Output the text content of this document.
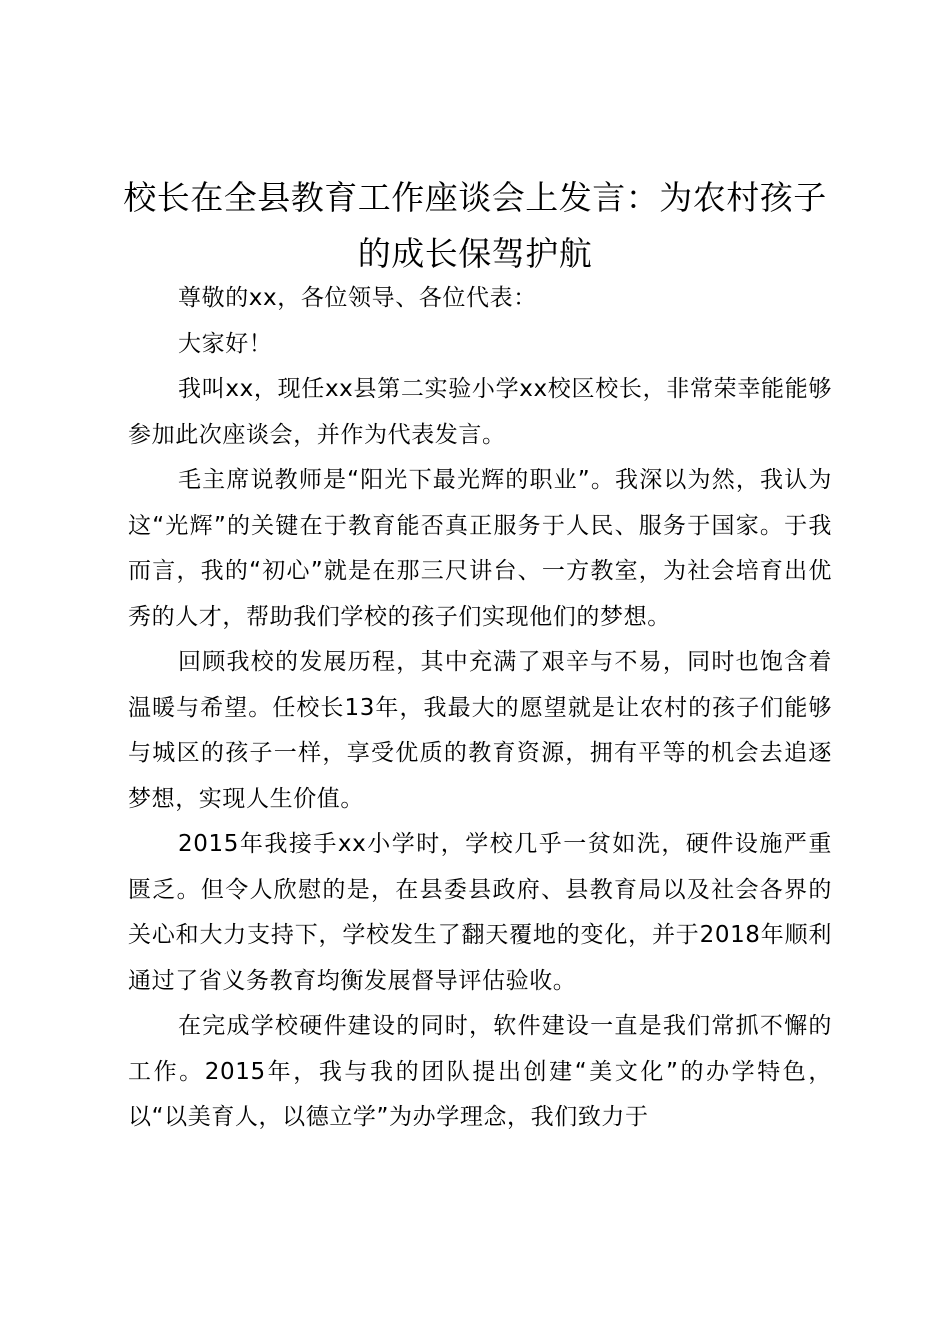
校长在全县教育工作座谈会上发言：为农村孩子的成长保驾护航

尊敬的xx，各位领导、各位代表：

大家好！

我叫xx，现任xx县第二实验小学xx校区校长，非常荣幸能能够参加此次座谈会，并作为代表发言。

毛主席说教师是“阳光下最光辉的职业”。我深以为然，我认为这“光辉”的关键在于教育能否真正服务于人民、服务于国家。于我而言，我的“初心”就是在那三尺讲台、一方教室，为社会培育出优秀的人才，帮助我们学校的孩子们实现他们的梦想。

回顾我校的发展历程，其中充满了艰辛与不易，同时也饱含着温暖与希望。任校长13年，我最大的愿望就是让农村的孩子们能够与城区的孩子一样，享受优质的教育资源，拥有平等的机会去追逐梦想，实现人生价值。

2015年我接手xx小学时，学校几乎一贫如洗，硬件设施严重匮乏。但令人欣慰的是，在县委县政府、县教育局以及社会各界的关心和大力支持下，学校发生了翻天覆地的变化，并于2018年顺利通过了省义务教育均衡发展督导评估验收。

在完成学校硬件建设的同时，软件建设一直是我们常抓不懈的工作。2015年，我与我的团队提出创建“美文化”的办学特色，以“以美育人，以德立学”为办学理念，我们致力于
